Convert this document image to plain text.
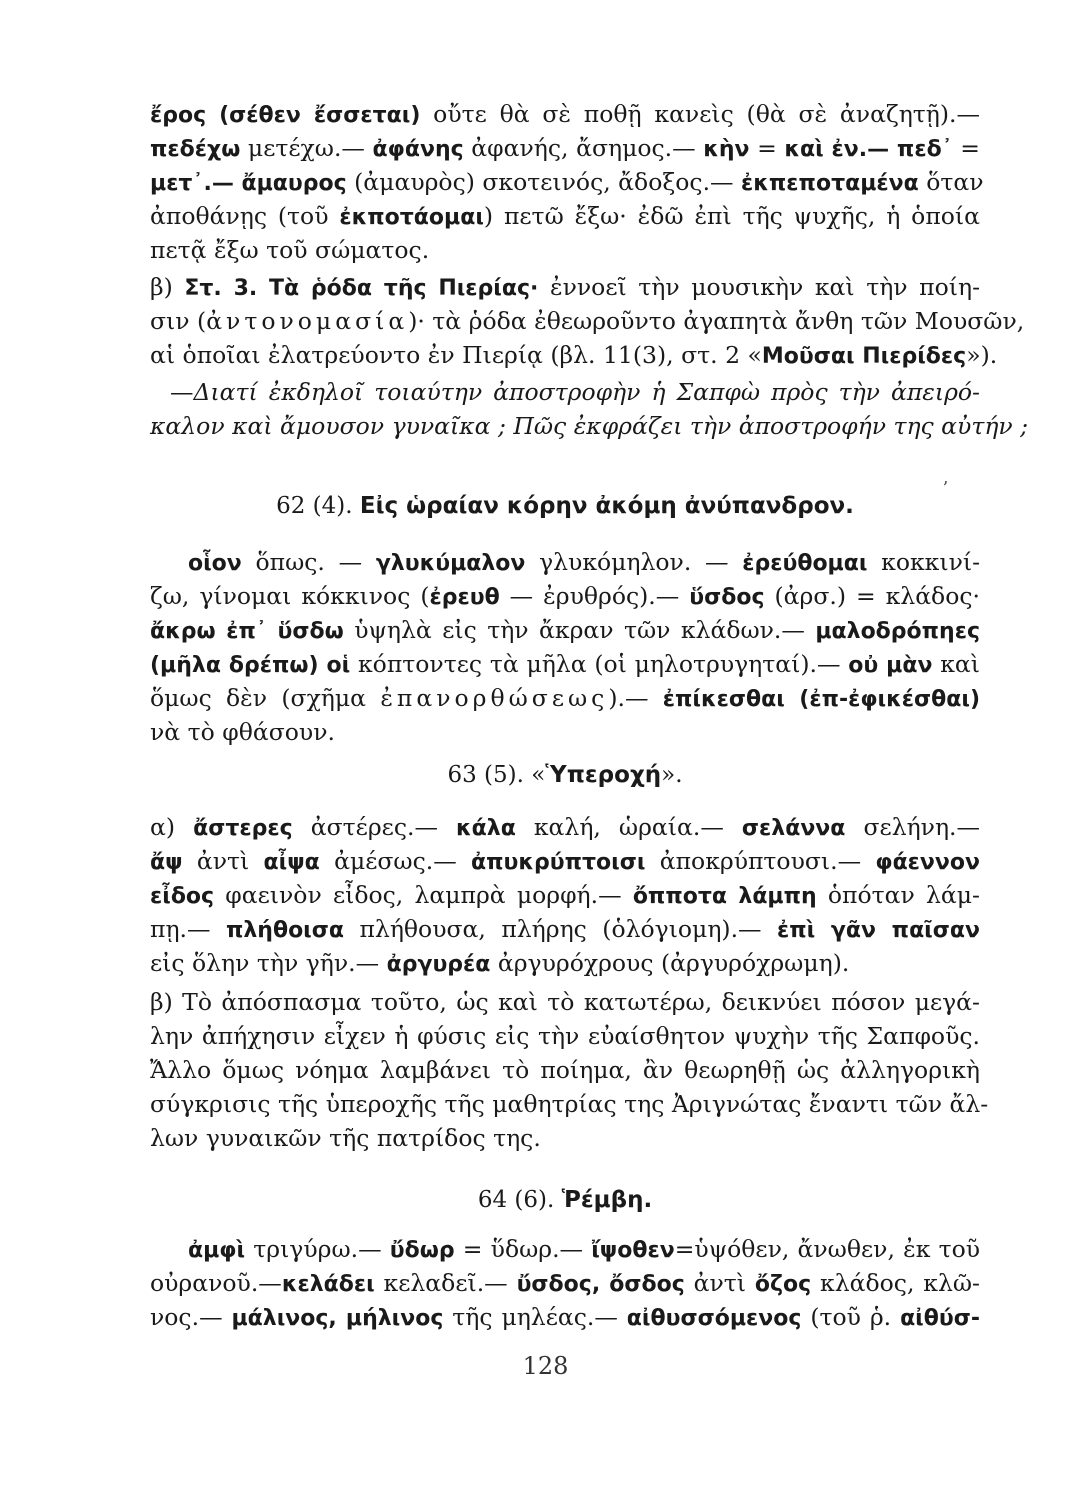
ἔρος (σέθεν ἔσσεται) οὔτε θὰ σὲ ποθῇ κανεὶς (θὰ σὲ ἀναζητῇ).—
πεδέχω μετέχω.— ἀφάνης ἀφανής, ἄσημος.— κὴν = καὶ ἐν.— πεδ᾽ =
μετ᾽.— ἄμαυρος (ἀμαυρὸς) σκοτεινός, ἄδοξος.— ἐκπεποταμένα ὅταν
ἀποθάνῃς (τοῦ ἐκποτάομαι) πετῶ ἔξω· ἐδῶ ἐπὶ τῆς ψυχῆς, ἡ ὁποία
πετᾷ ἔξω τοῦ σώματος.
β) Στ. 3. Τὰ ῥόδα τῆς Πιερίας· ἐννοεῖ τὴν μουσικὴν καὶ τὴν ποίη-
σιν (ἀντονομασία)· τὰ ῥόδα ἐθεωροῦντο ἀγαπητὰ ἄνθη τῶν Μουσῶν,
αἱ ὁποῖαι ἐλατρεύοντο ἐν Πιερίᾳ (βλ. 11(3), στ. 2 «Μοῦσαι Πιερίδες»).
—Διατί ἐκδηλοῖ τοιαύτην ἀποστροφὴν ἡ Σαπφὼ πρὸς τὴν ἀπειρό-
καλον καὶ ἄμουσον γυναῖκα ; Πῶς ἐκφράζει τὴν ἀποστροφήν της αὐτήν ;
62 (4). Εἰς ὡραίαν κόρην ἀκόμη ἀνύπανδρον.
οἷον ὅπως. — γλυκύμαλον γλυκόμηλον. — ἐρεύθομαι κοκκινί-
ζω, γίνομαι κόκκινος (ἐρευθ — ἐρυθρός).— ὕσδος (ἀρσ.) = κλάδος·
ἄκρω ἐπ᾽ ὕσδω ὑψηλὰ εἰς τὴν ἄκραν τῶν κλάδων.— μαλοδρόπηες
(μῆλα δρέπω) οἱ κόπτοντες τὰ μῆλα (οἱ μηλοτρυγηταί).— οὐ μὰν καὶ
ὅμως δὲν (σχῆμα ἐπανορθώσεως).— ἐπίκεσθαι (ἐπ-ἐφικέσθαι)
νὰ τὸ φθάσουν.
63 (5). «Ὑπεροχή».
α) ἄστερες ἀστέρες.— κάλα καλή, ὡραία.— σελάννα σελήνη.—
ἄψ ἀντὶ αἶψα ἀμέσως.— ἀπυκρύπτοισι ἀποκρύπτουσι.— φάεννον
εἶδος φαεινὸν εἶδος, λαμπρὰ μορφή.— ὄπποτα λάμπη ὁπόταν λάμ-
πῃ.— πλήθοισα πλήθουσα, πλήρης (ὁλόγιομη).— ἐπὶ γᾶν παῖσαν
εἰς ὅλην τὴν γῆν.— ἀργυρέα ἀργυρόχρους (ἀργυρόχρωμη).
β) Τὸ ἀπόσπασμα τοῦτο, ὡς καὶ τὸ κατωτέρω, δεικνύει πόσον μεγά-
λην ἀπήχησιν εἶχεν ἡ φύσις εἰς τὴν εὐαίσθητον ψυχὴν τῆς Σαπφοῦς.
Ἄλλο ὅμως νόημα λαμβάνει τὸ ποίημα, ἂν θεωρηθῇ ὡς ἀλληγορικὴ
σύγκρισις τῆς ὑπεροχῆς τῆς μαθητρίας της Ἀριγνώτας ἔναντι τῶν ἄλ-
λων γυναικῶν τῆς πατρίδος της.
64 (6). Ῥέμβη.
ἀμφὶ τριγύρω.— ὔδωρ = ὕδωρ.— ἴψοθεν=ὑψόθεν, ἄνωθεν, ἐκ τοῦ
οὐρανοῦ.—κελάδει κελαδεῖ.— ὔσδος, ὄσδος ἀντὶ ὄζος κλάδος, κλῶ-
νος.— μάλινος, μήλινος τῆς μηλέας.— αἰθυσσόμενος (τοῦ ῥ. αἰθύσ-
ʼ
128
